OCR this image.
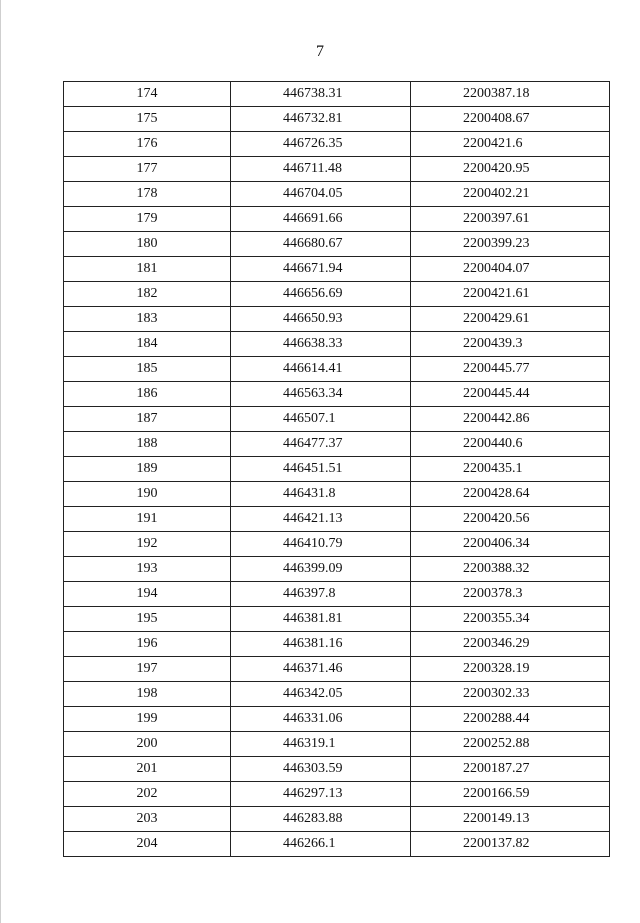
7
174	446738.31	2200387.18
175	446732.81	2200408.67
176	446726.35	2200421.6
177	446711.48	2200420.95
178	446704.05	2200402.21
179	446691.66	2200397.61
180	446680.67	2200399.23
181	446671.94	2200404.07
182	446656.69	2200421.61
183	446650.93	2200429.61
184	446638.33	2200439.3
185	446614.41	2200445.77
186	446563.34	2200445.44
187	446507.1	2200442.86
188	446477.37	2200440.6
189	446451.51	2200435.1
190	446431.8	2200428.64
191	446421.13	2200420.56
192	446410.79	2200406.34
193	446399.09	2200388.32
194	446397.8	2200378.3
195	446381.81	2200355.34
196	446381.16	2200346.29
197	446371.46	2200328.19
198	446342.05	2200302.33
199	446331.06	2200288.44
200	446319.1	2200252.88
201	446303.59	2200187.27
202	446297.13	2200166.59
203	446283.88	2200149.13
204	446266.1	2200137.82
